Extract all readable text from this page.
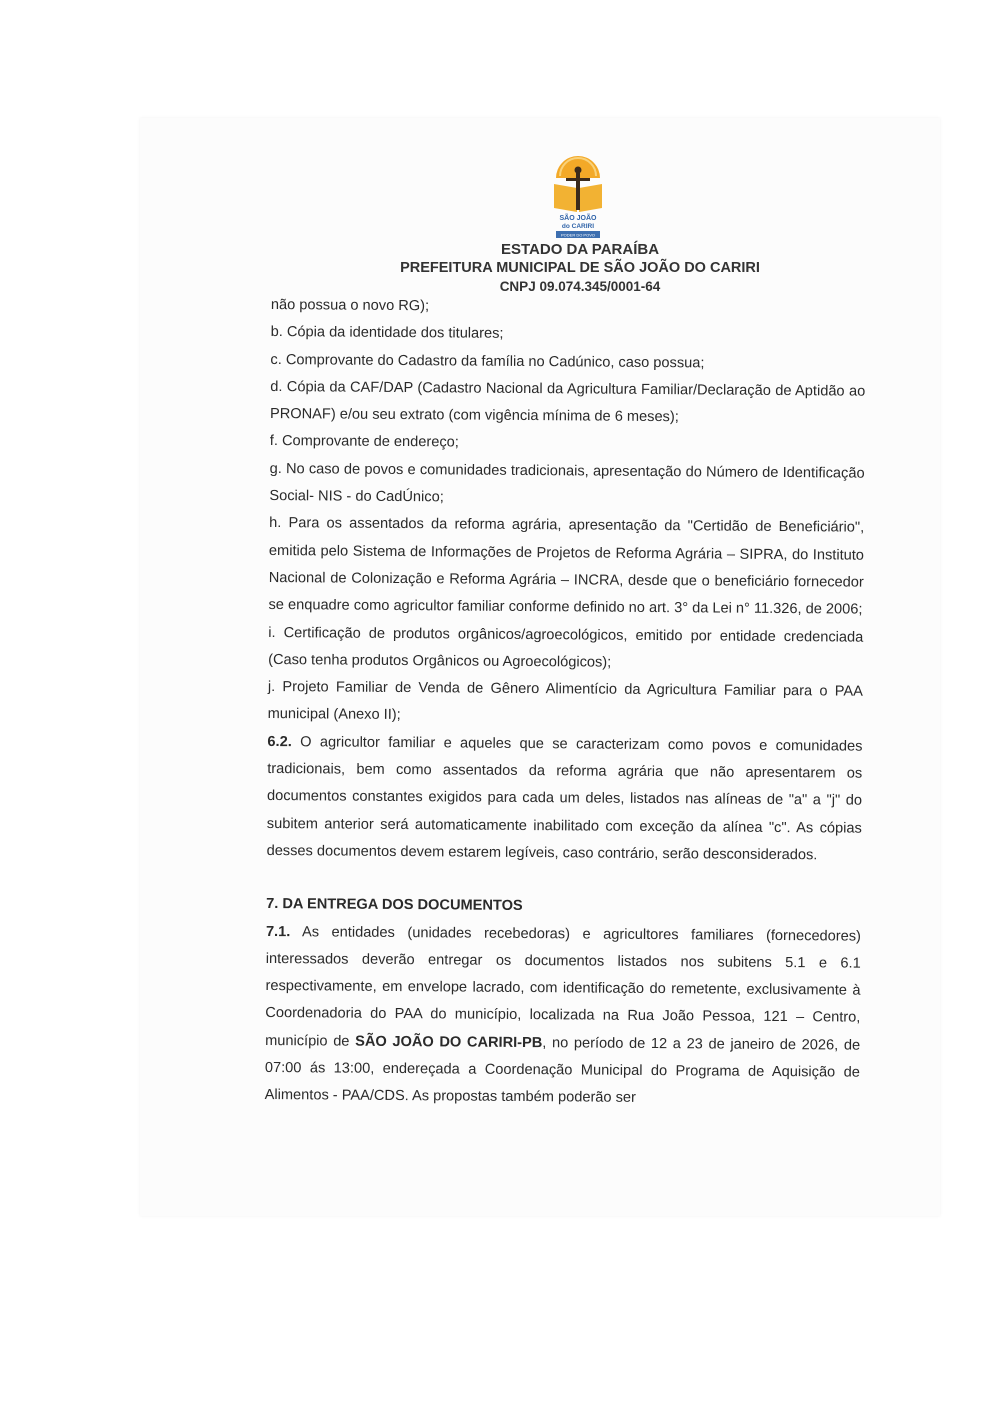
SÃO JOÃO
do CARIRI
PODER DO POVO
ESTADO DA PARAÍBA
PREFEITURA MUNICIPAL DE SÃO JOÃO DO CARIRI
CNPJ 09.074.345/0001-64

não possua o novo RG);

b. Cópia da identidade dos titulares;

c. Comprovante do Cadastro da família no Cadúnico, caso possua;

d. Cópia da CAF/DAP (Cadastro Nacional da Agricultura Familiar/Declaração de Aptidão ao PRONAF) e/ou seu extrato (com vigência mínima de 6 meses);

f. Comprovante de endereço;

g. No caso de povos e comunidades tradicionais, apresentação do Número de Identificação Social- NIS - do CadÚnico;

h. Para os assentados da reforma agrária, apresentação da "Certidão de Beneficiário", emitida pelo Sistema de Informações de Projetos de Reforma Agrária – SIPRA, do Instituto Nacional de Colonização e Reforma Agrária – INCRA, desde que o beneficiário fornecedor se enquadre como agricultor familiar conforme definido no art. 3° da Lei n° 11.326, de 2006;

i. Certificação de produtos orgânicos/agroecológicos, emitido por entidade credenciada (Caso tenha produtos Orgânicos ou Agroecológicos);

j. Projeto Familiar de Venda de Gênero Alimentício da Agricultura Familiar para o PAA municipal (Anexo II);

6.2. O agricultor familiar e aqueles que se caracterizam como povos e comunidades tradicionais, bem como assentados da reforma agrária que não apresentarem os documentos constantes exigidos para cada um deles, listados nas alíneas de "a" a "j" do subitem anterior será automaticamente inabilitado com exceção da alínea "c". As cópias desses documentos devem estarem legíveis, caso contrário, serão desconsiderados.

7. DA ENTREGA DOS DOCUMENTOS

7.1. As entidades (unidades recebedoras) e agricultores familiares (fornecedores) interessados deverão entregar os documentos listados nos subitens 5.1 e 6.1 respectivamente, em envelope lacrado, com identificação do remetente, exclusivamente à Coordenadoria do PAA do município, localizada na Rua João Pessoa, 121 – Centro, município de SÃO JOÃO DO CARIRI-PB, no período de 12 a 23 de janeiro de 2026, de 07:00 ás 13:00, endereçada a Coordenação Municipal do Programa de Aquisição de Alimentos - PAA/CDS. As propostas também poderão ser
